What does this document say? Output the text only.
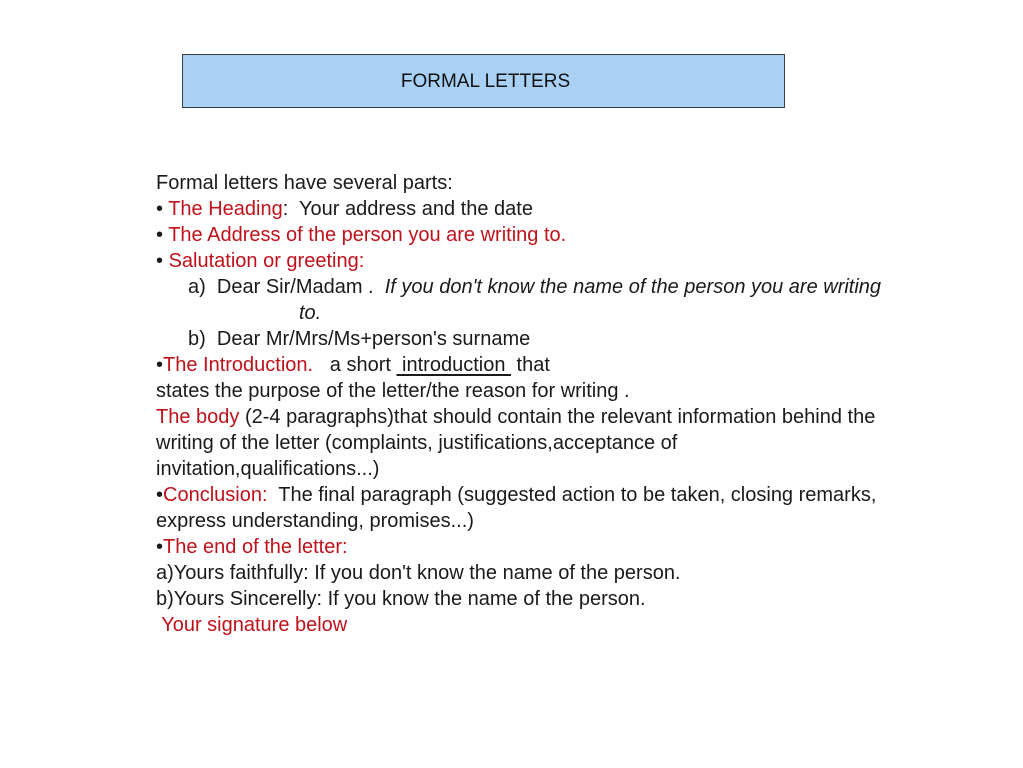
FORMAL LETTERS
Formal letters have several parts:
• The Heading:  Your address and the date
• The Address of the person you are writing to.
• Salutation or greeting:
a)  Dear Sir/Madam .  If you don't know the name of the person you are writing
to.
b)  Dear Mr/Mrs/Ms+person's surname
•The Introduction.   a short  introduction  that
states the purpose of the letter/the reason for writing .
The body (2-4 paragraphs)that should contain the relevant information behind the
writing of the letter (complaints, justifications,acceptance of
invitation,qualifications...)
•Conclusion:  The final paragraph (suggested action to be taken, closing remarks,
express understanding, promises...)
•The end of the letter:
a)Yours faithfully: If you don't know the name of the person.
b)Yours Sincerelly: If you know the name of the person.
Your signature below
